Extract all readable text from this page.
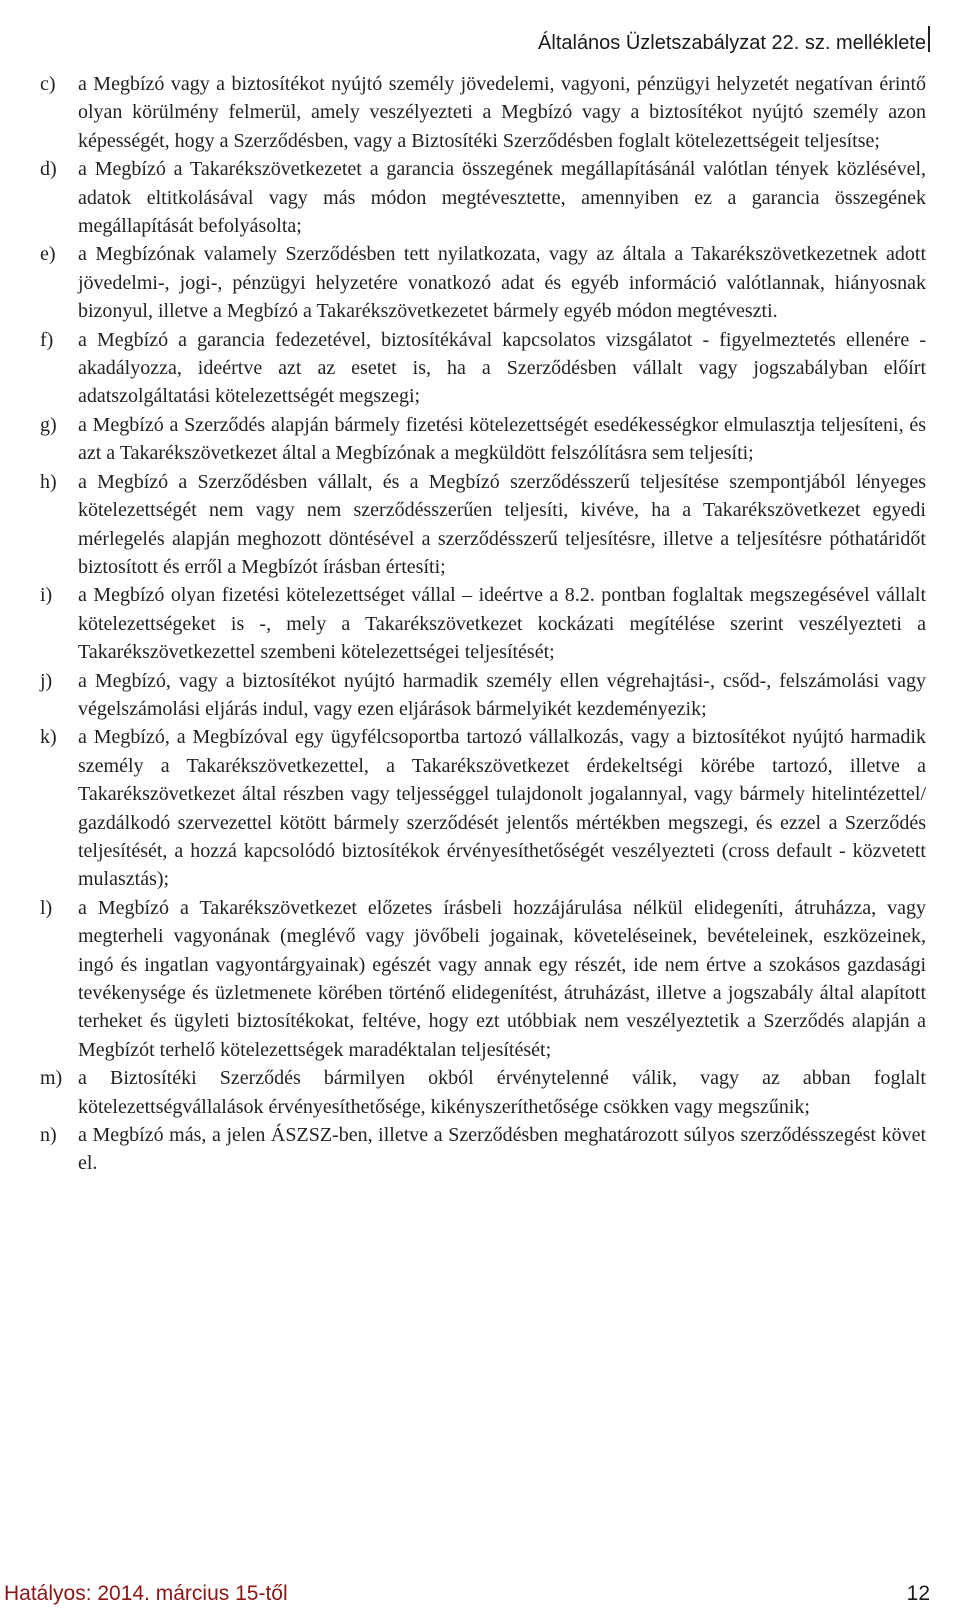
Általános Üzletszabályzat 22. sz. melléklete
c) a Megbízó vagy a biztosítékot nyújtó személy jövedelemi, vagyoni, pénzügyi helyzetét negatívan érintő olyan körülmény felmerül, amely veszélyezteti a Megbízó vagy a biztosítékot nyújtó személy azon képességét, hogy a Szerződésben, vagy a Biztosítéki Szerződésben foglalt kötelezettségeit teljesítse;
d) a Megbízó a Takarékszövetkezetet a garancia összegének megállapításánál valótlan tények közlésével, adatok eltitkolásával vagy más módon megtévesztette, amennyiben ez a garancia összegének megállapítását befolyásolta;
e) a Megbízónak valamely Szerződésben tett nyilatkozata, vagy az általa a Takarékszövetkezetnek adott jövedelmi-, jogi-, pénzügyi helyzetére vonatkozó adat és egyéb információ valótlannak, hiányosnak bizonyul, illetve a Megbízó a Takarékszövetkezetet bármely egyéb módon megtéveszti.
f) a Megbízó a garancia fedezetével, biztosítékával kapcsolatos vizsgálatot - figyelmeztetés ellenére - akadályozza, ideértve azt az esetet is, ha a Szerződésben vállalt vagy jogszabályban előírt adatszolgáltatási kötelezettségét megszegi;
g) a Megbízó a Szerződés alapján bármely fizetési kötelezettségét esedékességkor elmulasztja teljesíteni, és azt a Takarékszövetkezet által a Megbízónak a megküldött felszólításra sem teljesíti;
h) a Megbízó a Szerződésben vállalt, és a Megbízó szerződésszerű teljesítése szempontjából lényeges kötelezettségét nem vagy nem szerződésszerűen teljesíti, kivéve, ha a Takarékszövetkezet egyedi mérlegelés alapján meghozott döntésével a szerződésszerű teljesítésre, illetve a teljesítésre póthatáridőt biztosított és erről a Megbízót írásban értesíti;
i) a Megbízó olyan fizetési kötelezettséget vállal – ideértve a 8.2. pontban foglaltak megszegésével vállalt kötelezettségeket is -, mely a Takarékszövetkezet kockázati megítélése szerint veszélyezteti a Takarékszövetkezettel szembeni kötelezettségei teljesítését;
j) a Megbízó, vagy a biztosítékot nyújtó harmadik személy ellen végrehajtási-, csőd-, felszámolási vagy végelszámolási eljárás indul, vagy ezen eljárások bármelyikét kezdeményezik;
k) a Megbízó, a Megbízóval egy ügyfélcsoportba tartozó vállalkozás, vagy a biztosítékot nyújtó harmadik személy a Takarékszövetkezettel, a Takarékszövetkezet érdekeltségi körébe tartozó, illetve a Takarékszövetkezet által részben vagy teljességgel tulajdonolt jogalannyal, vagy bármely hitelintézettel/ gazdálkodó szervezettel kötött bármely szerződését jelentős mértékben megszegi, és ezzel a Szerződés teljesítését, a hozzá kapcsolódó biztosítékok érvényesíthetőségét veszélyezteti (cross default - közvetett mulasztás);
l) a Megbízó a Takarékszövetkezet előzetes írásbeli hozzájárulása nélkül elidegeníti, átruházza, vagy megterheli vagyonának (meglévő vagy jövőbeli jogainak, követeléseinek, bevételeinek, eszközeinek, ingó és ingatlan vagyontárgyainak) egészét vagy annak egy részét, ide nem értve a szokásos gazdasági tevékenysége és üzletmenete körében történő elidegenítést, átruházást, illetve a jogszabály által alapított terheket és ügyleti biztosítékokat, feltéve, hogy ezt utóbbiak nem veszélyeztetik a Szerződés alapján a Megbízót terhelő kötelezettségek maradéktalan teljesítését;
m) a Biztosítéki Szerződés bármilyen okból érvénytelenné válik, vagy az abban foglalt kötelezettségvállalások érvényesíthetősége, kikényszeríthetősége csökken vagy megszűnik;
n) a Megbízó más, a jelen ÁSZSZ-ben, illetve a Szerződésben meghatározott súlyos szerződésszegést követ el.
Hatályos: 2014. március 15-től	12
